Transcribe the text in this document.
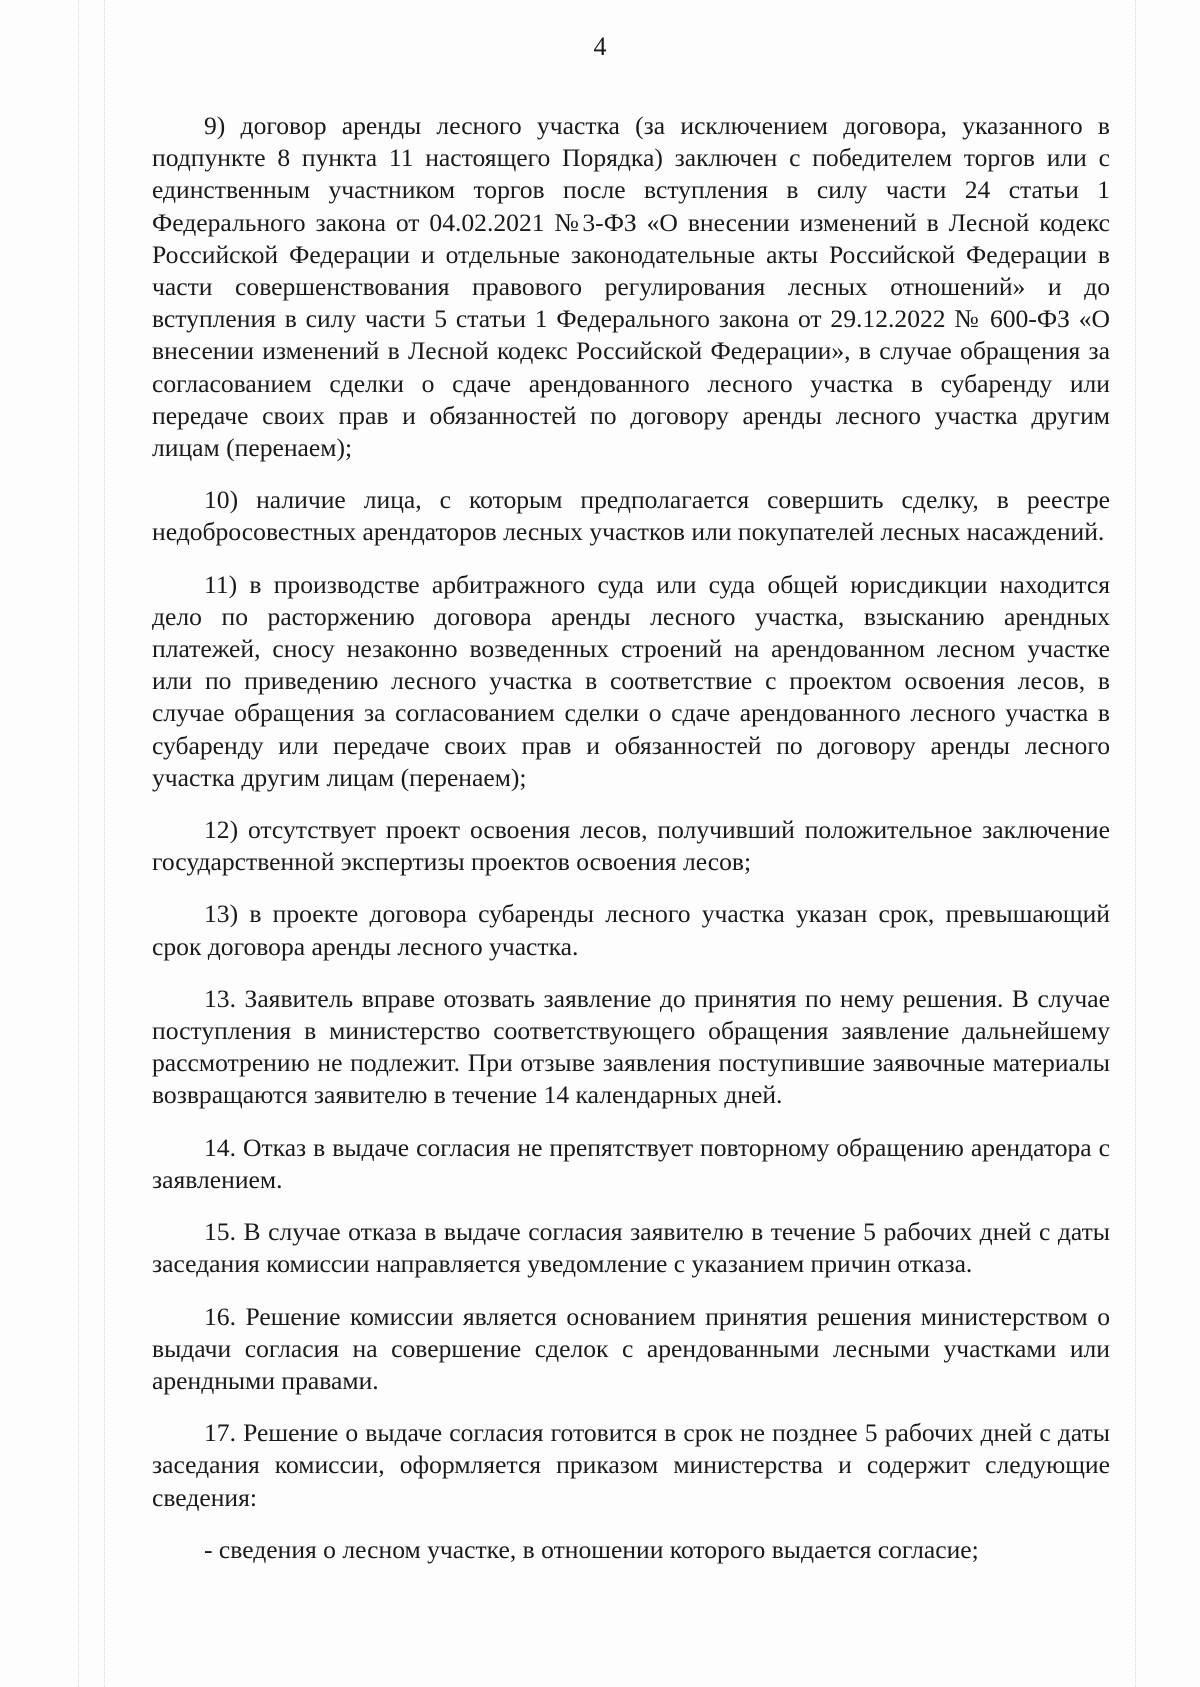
4

9) договор аренды лесного участка (за исключением договора, указанного в подпункте 8 пункта 11 настоящего Порядка) заключен с победителем торгов или с единственным участником торгов после вступления в силу части 24 статьи 1 Федерального закона от 04.02.2021 №3-ФЗ «О внесении изменений в Лесной кодекс Российской Федерации и отдельные законодательные акты Российской Федерации в части совершенствования правового регулирования лесных отношений» и до вступления в силу части 5 статьи 1 Федерального закона от 29.12.2022 № 600-ФЗ «О внесении изменений в Лесной кодекс Российской Федерации», в случае обращения за согласованием сделки о сдаче арендованного лесного участка в субаренду или передаче своих прав и обязанностей по договору аренды лесного участка другим лицам (перенаем);

10) наличие лица, с которым предполагается совершить сделку, в реестре недобросовестных арендаторов лесных участков или покупателей лесных насаждений.

11) в производстве арбитражного суда или суда общей юрисдикции находится дело по расторжению договора аренды лесного участка, взысканию арендных платежей, сносу незаконно возведенных строений на арендованном лесном участке или по приведению лесного участка в соответствие с проектом освоения лесов, в случае обращения за согласованием сделки о сдаче арендованного лесного участка в субаренду или передаче своих прав и обязанностей по договору аренды лесного участка другим лицам (перенаем);

12) отсутствует проект освоения лесов, получивший положительное заключение государственной экспертизы проектов освоения лесов;

13) в проекте договора субаренды лесного участка указан срок, превышающий срок договора аренды лесного участка.

13. Заявитель вправе отозвать заявление до принятия по нему решения. В случае поступления в министерство соответствующего обращения заявление дальнейшему рассмотрению не подлежит. При отзыве заявления поступившие заявочные материалы возвращаются заявителю в течение 14 календарных дней.

14. Отказ в выдаче согласия не препятствует повторному обращению арендатора с заявлением.

15. В случае отказа в выдаче согласия заявителю в течение 5 рабочих дней с даты заседания комиссии направляется уведомление с указанием причин отказа.

16. Решение комиссии является основанием принятия решения министерством о выдачи согласия на совершение сделок с арендованными лесными участками или арендными правами.

17. Решение о выдаче согласия готовится в срок не позднее 5 рабочих дней с даты заседания комиссии, оформляется приказом министерства и содержит следующие сведения:

- сведения о лесном участке, в отношении которого выдается согласие;
